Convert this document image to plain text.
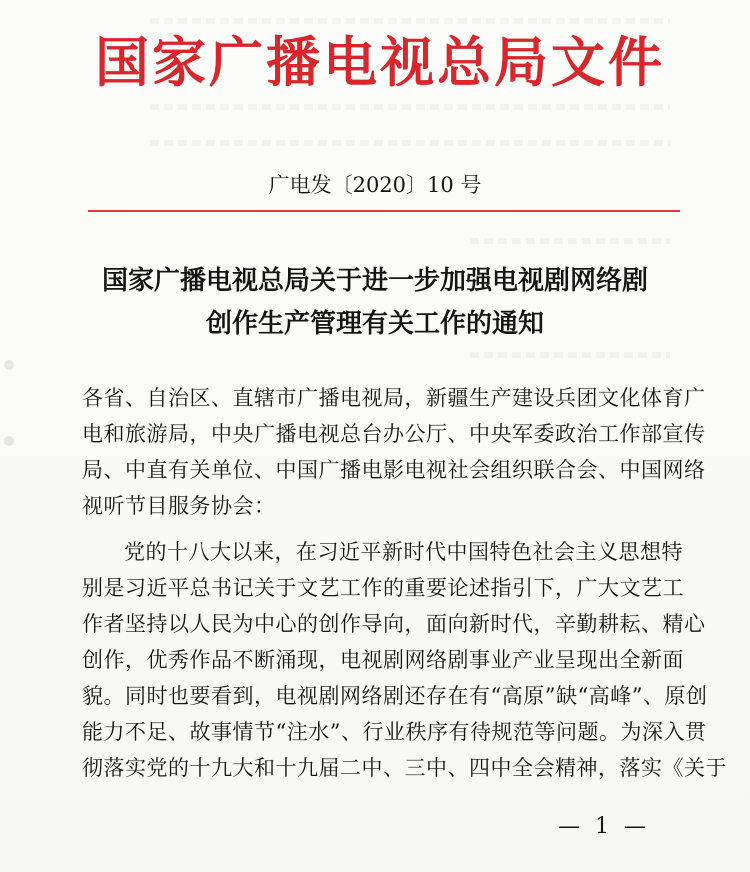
国家广播电视总局文件
广电发〔2020〕10 号
国家广播电视总局关于进一步加强电视剧网络剧
创作生产管理有关工作的通知
各省、自治区、直辖市广播电视局，新疆生产建设兵团文化体育广
电和旅游局，中央广播电视总台办公厅、中央军委政治工作部宣传
局、中直有关单位、中国广播电影电视社会组织联合会、中国网络
视听节目服务协会：
党的十八大以来，在习近平新时代中国特色社会主义思想特
别是习近平总书记关于文艺工作的重要论述指引下，广大文艺工
作者坚持以人民为中心的创作导向，面向新时代，辛勤耕耘、精心
创作，优秀作品不断涌现，电视剧网络剧事业产业呈现出全新面
貌。同时也要看到，电视剧网络剧还存在有“高原”缺“高峰”、原创
能力不足、故事情节“注水”、行业秩序有待规范等问题。为深入贯
彻落实党的十九大和十九届二中、三中、四中全会精神，落实《关于
— 1 —
